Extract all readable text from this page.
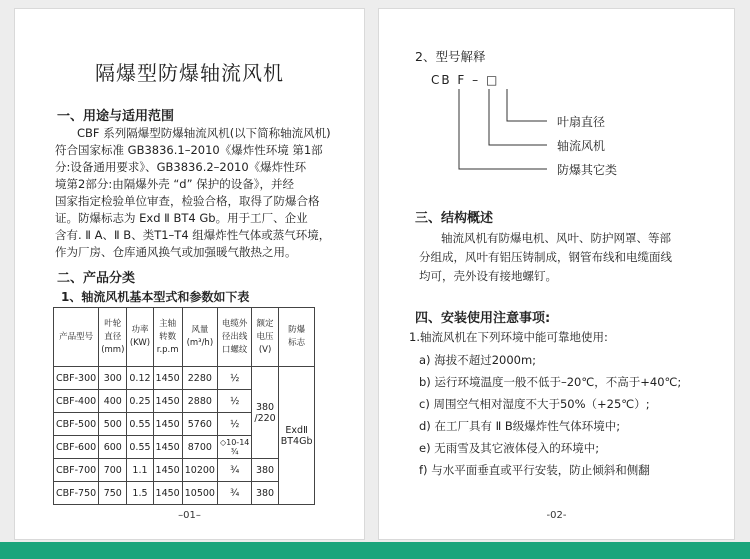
隔爆型防爆轴流风机
一、用途与适用范围
CBF 系列隔爆型防爆轴流风机(以下简称轴流风机)
符合国家标准 GB3836.1–2010《爆炸性环境 第1部
分:设备通用要求》、GB3836.2–2010《爆炸性环
境第2部分:由隔爆外壳 “d” 保护的设备》，并经
国家指定检验单位审查，检验合格，取得了防爆合格
证。防爆标志为 Exd Ⅱ BT4 Gb。用于工厂、企业
含有. Ⅱ A、Ⅱ B、类T1–T4 组爆炸性气体或蒸气环境，
作为厂房、仓库通风换气或加强暖气散热之用。
二、产品分类
1、轴流风机基本型式和参数如下表
产品型号	叶轮
直径
(mm)	功率
(KW)	主轴
转数
r.p.m	风量
(m³/h)	电缆外
径出线
口螺纹	额定
电压
(V)	防爆
标志
CBF-300	300	0.12	1450	2280	½	380
/220	ExdⅡ
BT4Gb
CBF-400	400	0.25	1450	2880	½		
CBF-500	500	0.55	1450	5760	½		
CBF-600	600	0.55	1450	8700	◇10-14
¾		
CBF-700	700	1.1	1450	10200	¾	380	
CBF-750	750	1.5	1450	10500	¾	380	
–01–
2、型号解释
CB F – □
叶扇直径
轴流风机
防爆其它类
三、结构概述
轴流风机有防爆电机、风叶、防护网罩、等部
分组成，风叶有铝压铸制成，钢管布线和电缆面线
均可，壳外设有接地螺钉。
四、安装使用注意事项:
1.轴流风机在下列环境中能可靠地使用:
a) 海拔不超过2000m;
b) 运行环境温度一般不低于–20℃，不高于+40℃;
c) 周围空气相对湿度不大于50%（+25℃）;
d) 在工厂具有 Ⅱ B级爆炸性气体环境中;
e) 无雨雪及其它液体侵入的环境中;
f) 与水平面垂直或平行安装，防止倾斜和侧翻
-02-
